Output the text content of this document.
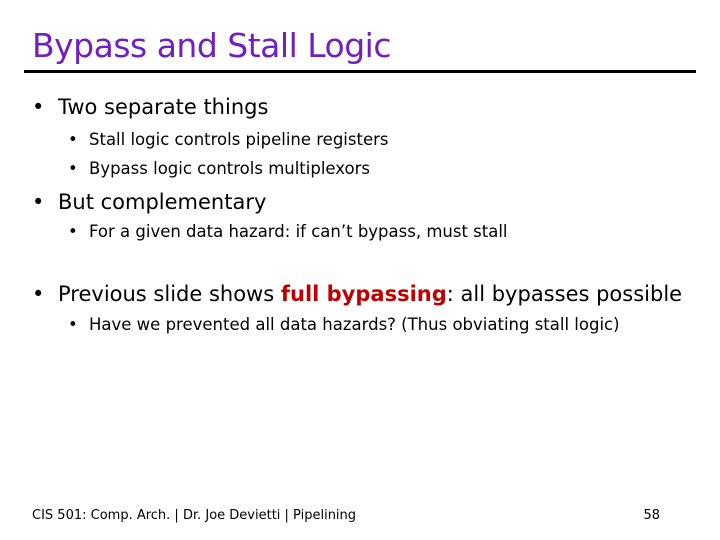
Bypass and Stall Logic
• Two separate things
• Stall logic controls pipeline registers
• Bypass logic controls multiplexors
• But complementary
• For a given data hazard: if can’t bypass, must stall
• Previous slide shows full bypassing: all bypasses possible
• Have we prevented all data hazards? (Thus obviating stall logic)
CIS 501: Comp. Arch. | Dr. Joe Devietti | Pipelining	58
